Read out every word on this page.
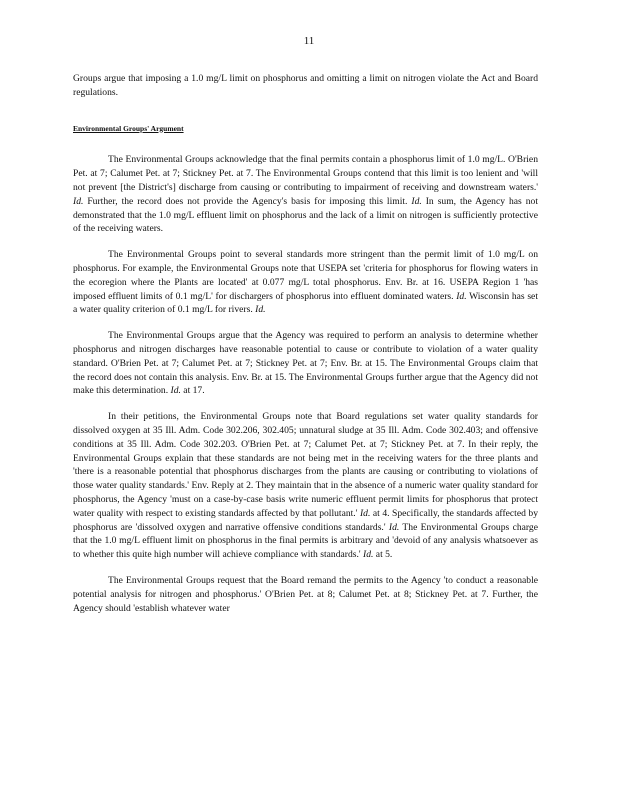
11

Groups argue that imposing a 1.0 mg/L limit on phosphorus and omitting a limit on nitrogen violate the Act and Board regulations.

Environmental Groups' Argument

The Environmental Groups acknowledge that the final permits contain a phosphorus limit of 1.0 mg/L. O'Brien Pet. at 7; Calumet Pet. at 7; Stickney Pet. at 7. The Environmental Groups contend that this limit is too lenient and 'will not prevent [the District's] discharge from causing or contributing to impairment of receiving and downstream waters.' Id. Further, the record does not provide the Agency's basis for imposing this limit. Id. In sum, the Agency has not demonstrated that the 1.0 mg/L effluent limit on phosphorus and the lack of a limit on nitrogen is sufficiently protective of the receiving waters.

The Environmental Groups point to several standards more stringent than the permit limit of 1.0 mg/L on phosphorus. For example, the Environmental Groups note that USEPA set 'criteria for phosphorus for flowing waters in the ecoregion where the Plants are located' at 0.077 mg/L total phosphorus. Env. Br. at 16. USEPA Region 1 'has imposed effluent limits of 0.1 mg/L' for dischargers of phosphorus into effluent dominated waters. Id. Wisconsin has set a water quality criterion of 0.1 mg/L for rivers. Id.

The Environmental Groups argue that the Agency was required to perform an analysis to determine whether phosphorus and nitrogen discharges have reasonable potential to cause or contribute to violation of a water quality standard. O'Brien Pet. at 7; Calumet Pet. at 7; Stickney Pet. at 7; Env. Br. at 15. The Environmental Groups claim that the record does not contain this analysis. Env. Br. at 15. The Environmental Groups further argue that the Agency did not make this determination. Id. at 17.

In their petitions, the Environmental Groups note that Board regulations set water quality standards for dissolved oxygen at 35 Ill. Adm. Code 302.206, 302.405; unnatural sludge at 35 Ill. Adm. Code 302.403; and offensive conditions at 35 Ill. Adm. Code 302.203. O'Brien Pet. at 7; Calumet Pet. at 7; Stickney Pet. at 7. In their reply, the Environmental Groups explain that these standards are not being met in the receiving waters for the three plants and 'there is a reasonable potential that phosphorus discharges from the plants are causing or contributing to violations of those water quality standards.' Env. Reply at 2. They maintain that in the absence of a numeric water quality standard for phosphorus, the Agency 'must on a case-by-case basis write numeric effluent permit limits for phosphorus that protect water quality with respect to existing standards affected by that pollutant.' Id. at 4. Specifically, the standards affected by phosphorus are 'dissolved oxygen and narrative offensive conditions standards.' Id. The Environmental Groups charge that the 1.0 mg/L effluent limit on phosphorus in the final permits is arbitrary and 'devoid of any analysis whatsoever as to whether this quite high number will achieve compliance with standards.' Id. at 5.

The Environmental Groups request that the Board remand the permits to the Agency 'to conduct a reasonable potential analysis for nitrogen and phosphorus.' O'Brien Pet. at 8; Calumet Pet. at 8; Stickney Pet. at 7. Further, the Agency should 'establish whatever water
